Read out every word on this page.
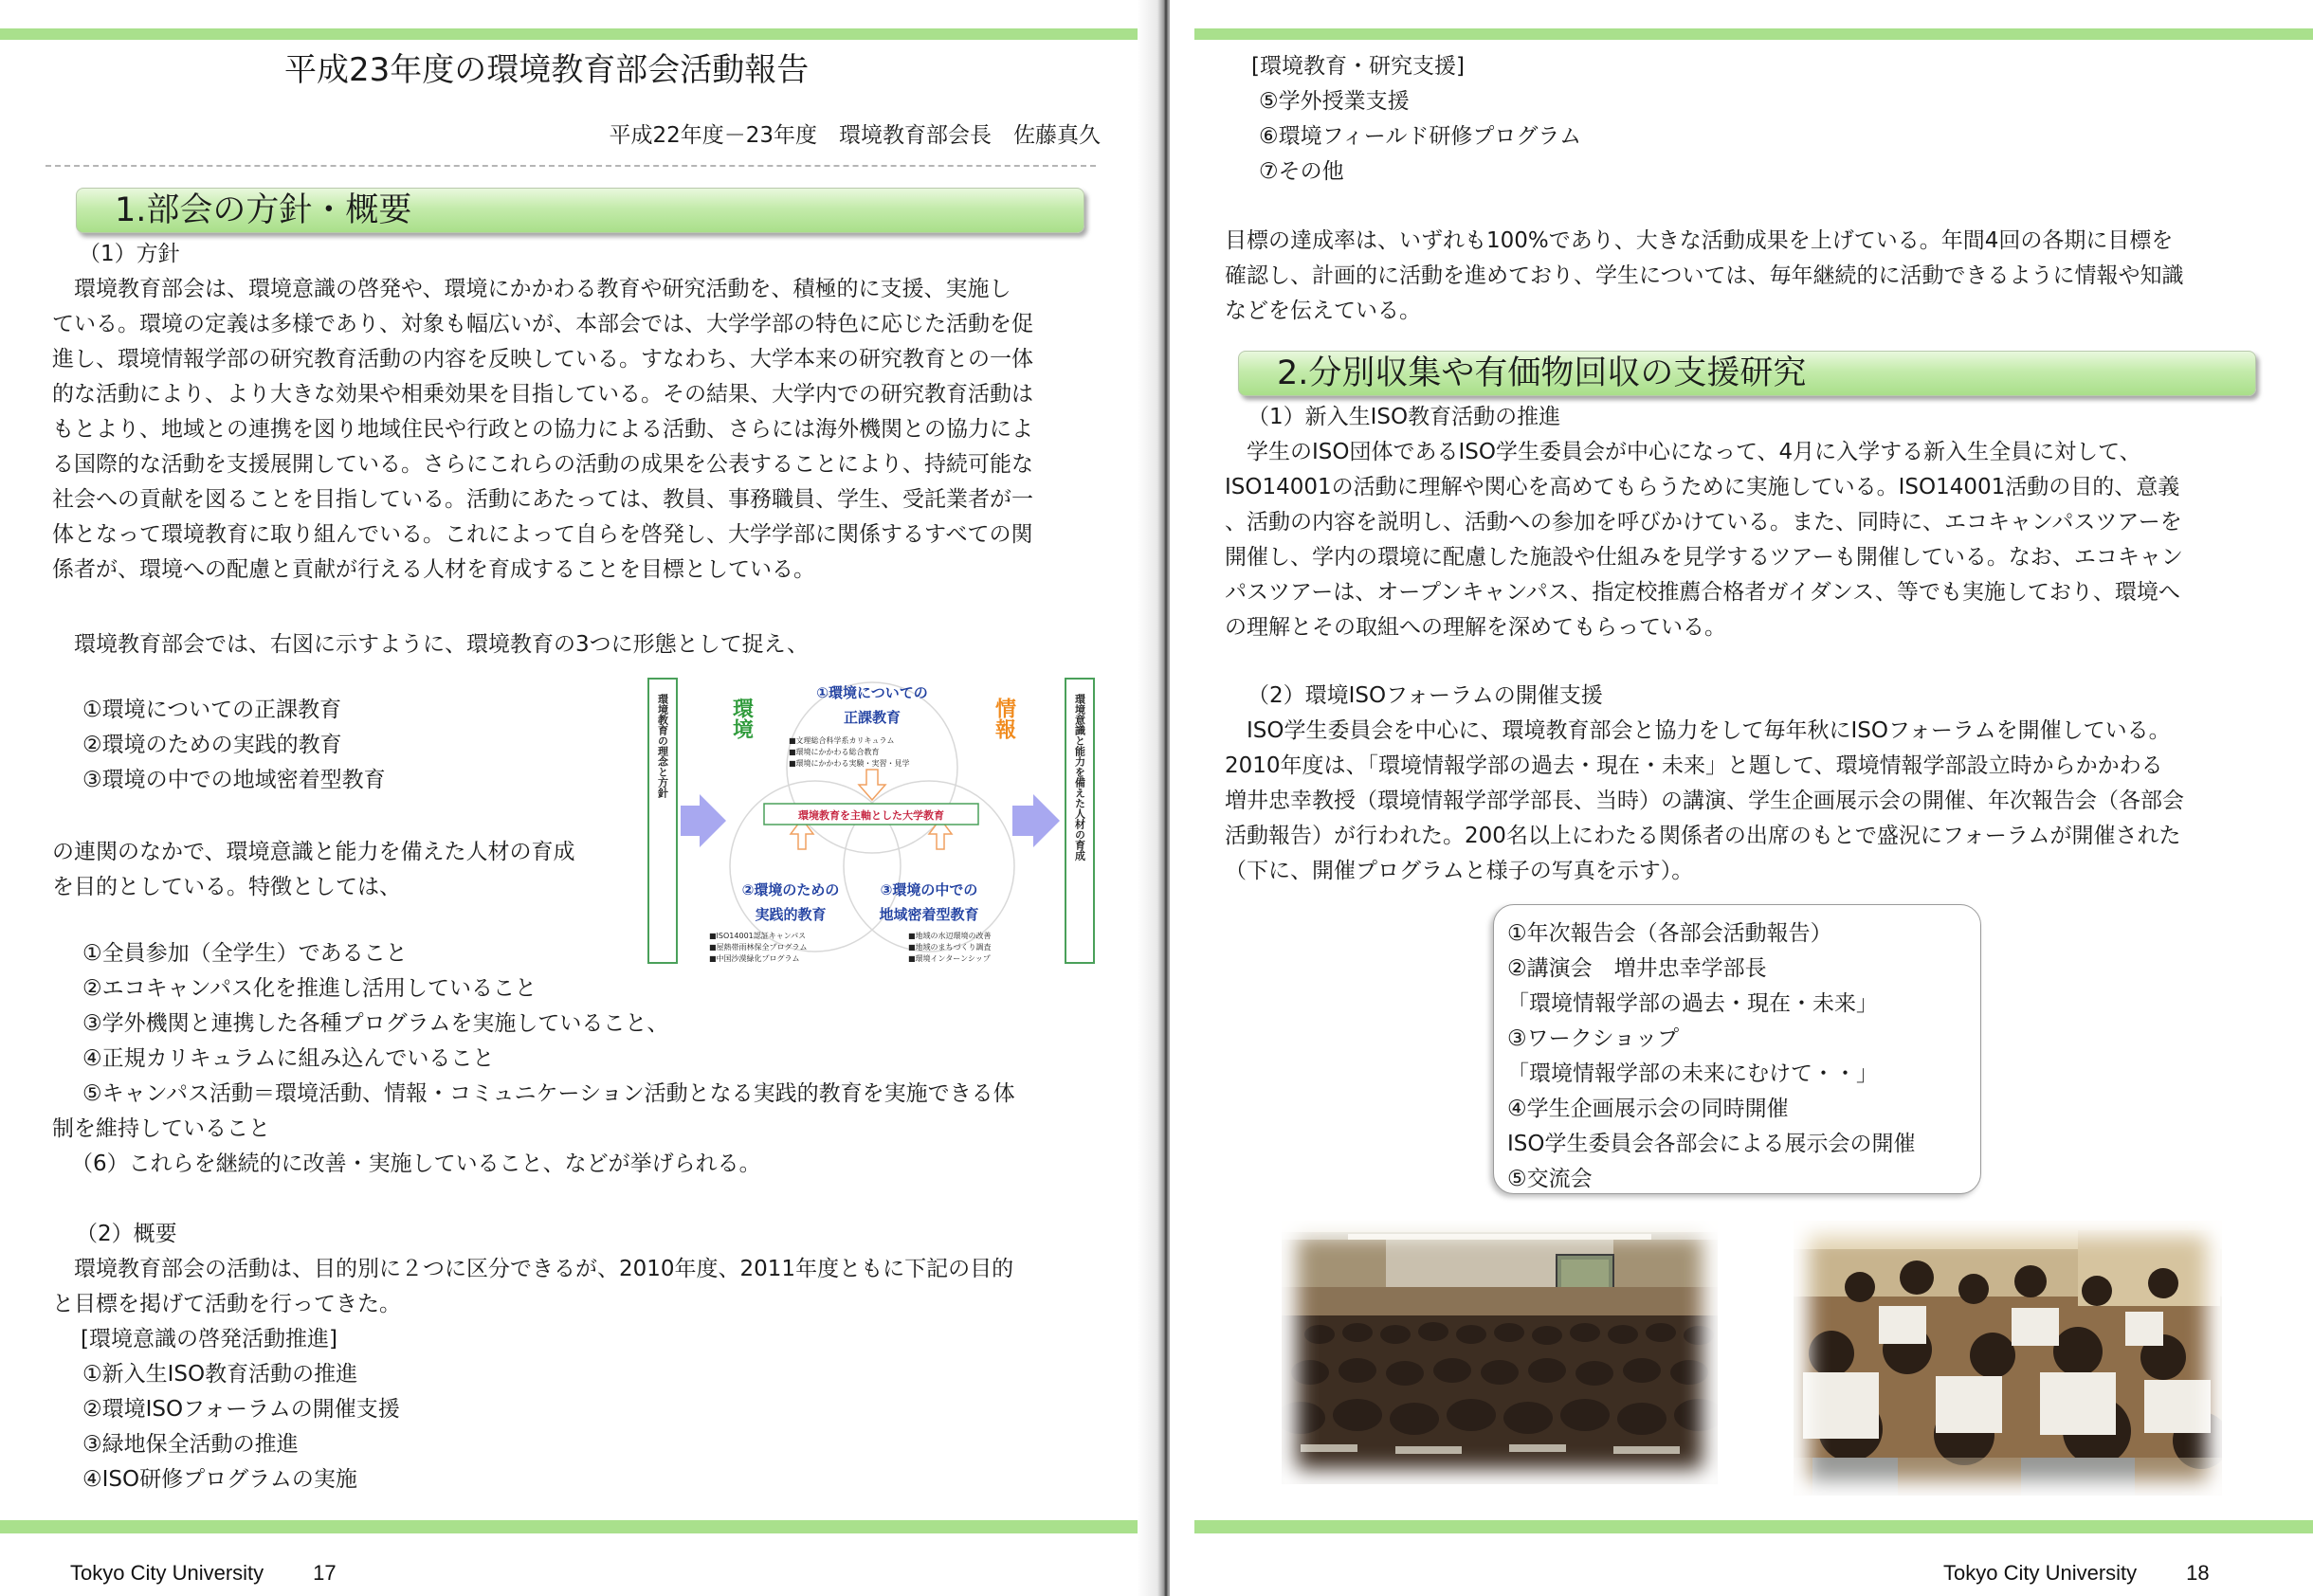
平成23年度の環境教育部会活動報告
平成22年度－23年度　環境教育部会長　佐藤真久
1.部会の方針・概要
（1）方針
　環境教育部会は、環境意識の啓発や、環境にかかわる教育や研究活動を、積極的に支援、実施し
ている。環境の定義は多様であり、対象も幅広いが、本部会では、大学学部の特色に応じた活動を促
進し、環境情報学部の研究教育活動の内容を反映している。すなわち、大学本来の研究教育との一体
的な活動により、より大きな効果や相乗効果を目指している。その結果、大学内での研究教育活動は
もとより、地域との連携を図り地域住民や行政との協力による活動、さらには海外機関との協力によ
る国際的な活動を支援展開している。さらにこれらの活動の成果を公表することにより、持続可能な
社会への貢献を図ることを目指している。活動にあたっては、教員、事務職員、学生、受託業者が一
体となって環境教育に取り組んでいる。これによって自らを啓発し、大学学部に関係するすべての関
係者が、環境への配慮と貢献が行える人材を育成することを目標としている。
　環境教育部会では、右図に示すように、環境教育の3つに形態として捉え、
①環境についての正課教育
②環境のための実践的教育
③環境の中での地域密着型教育
の連関のなかで、環境意識と能力を備えた人材の育成
を目的としている。特徴としては、
①全員参加（全学生）であること
②エコキャンパス化を推進し活用していること
③学外機関と連携した各種プログラムを実施していること、
④正規カリキュラムに組み込んでいること
⑤キャンパス活動＝環境活動、情報・コミュニケーション活動となる実践的教育を実施できる体
制を維持していること
（6）これらを継続的に改善・実施していること、などが挙げられる。
（2）概要
　環境教育部会の活動は、目的別に２つに区分できるが、2010年度、2011年度ともに下記の目的
と目標を掲げて活動を行ってきた。
[環境意識の啓発活動推進]
①新入生ISO教育活動の推進
②環境ISOフォーラムの開催支援
③緑地保全活動の推進
④ISO研修プログラムの実施
環境教育の理念と方針	環境意識と能力を備えた人材の育成
環境	情報
①環境についての
正課教育
■文理総合科学系カリキュラム
■環境にかかわる総合教育
■環境にかかわる実験・実習・見学
環境教育を主軸とした大学教育
②環境のための
実践的教育
■ISO14001認証キャンパス
■屋熱帯雨林保全プログラム
■中国沙漠緑化プログラム
③環境の中での
地域密着型教育
■地域の水辺環境の改善
■地域のまちづくり調査
■環境インターンシップ
Tokyo City University 17
[環境教育・研究支援]
⑤学外授業支援
⑥環境フィールド研修プログラム
⑦その他
目標の達成率は、いずれも100%であり、大きな活動成果を上げている。年間4回の各期に目標を
確認し、計画的に活動を進めており、学生については、毎年継続的に活動できるように情報や知識
などを伝えている。
2.分別収集や有価物回収の支援研究
（1）新入生ISO教育活動の推進
　学生のISO団体であるISO学生委員会が中心になって、4月に入学する新入生全員に対して、
ISO14001の活動に理解や関心を高めてもらうために実施している。ISO14001活動の目的、意義
、活動の内容を説明し、活動への参加を呼びかけている。また、同時に、エコキャンパスツアーを
開催し、学内の環境に配慮した施設や仕組みを見学するツアーも開催している。なお、エコキャン
パスツアーは、オープンキャンパス、指定校推薦合格者ガイダンス、等でも実施しており、環境へ
の理解とその取組への理解を深めてもらっている。
（2）環境ISOフォーラムの開催支援
　ISO学生委員会を中心に、環境教育部会と協力をして毎年秋にISOフォーラムを開催している。
2010年度は、「環境情報学部の過去・現在・未来」と題して、環境情報学部設立時からかかわる
増井忠幸教授（環境情報学部学部長、当時）の講演、学生企画展示会の開催、年次報告会（各部会
活動報告）が行われた。200名以上にわたる関係者の出席のもとで盛況にフォーラムが開催された
（下に、開催プログラムと様子の写真を示す）。
Tokyo City University 18
①年次報告会（各部会活動報告）
②講演会　増井忠幸学部長
「環境情報学部の過去・現在・未来」
③ワークショップ
「環境情報学部の未来にむけて・・」
④学生企画展示会の同時開催
ISO学生委員会各部会による展示会の開催
⑤交流会
